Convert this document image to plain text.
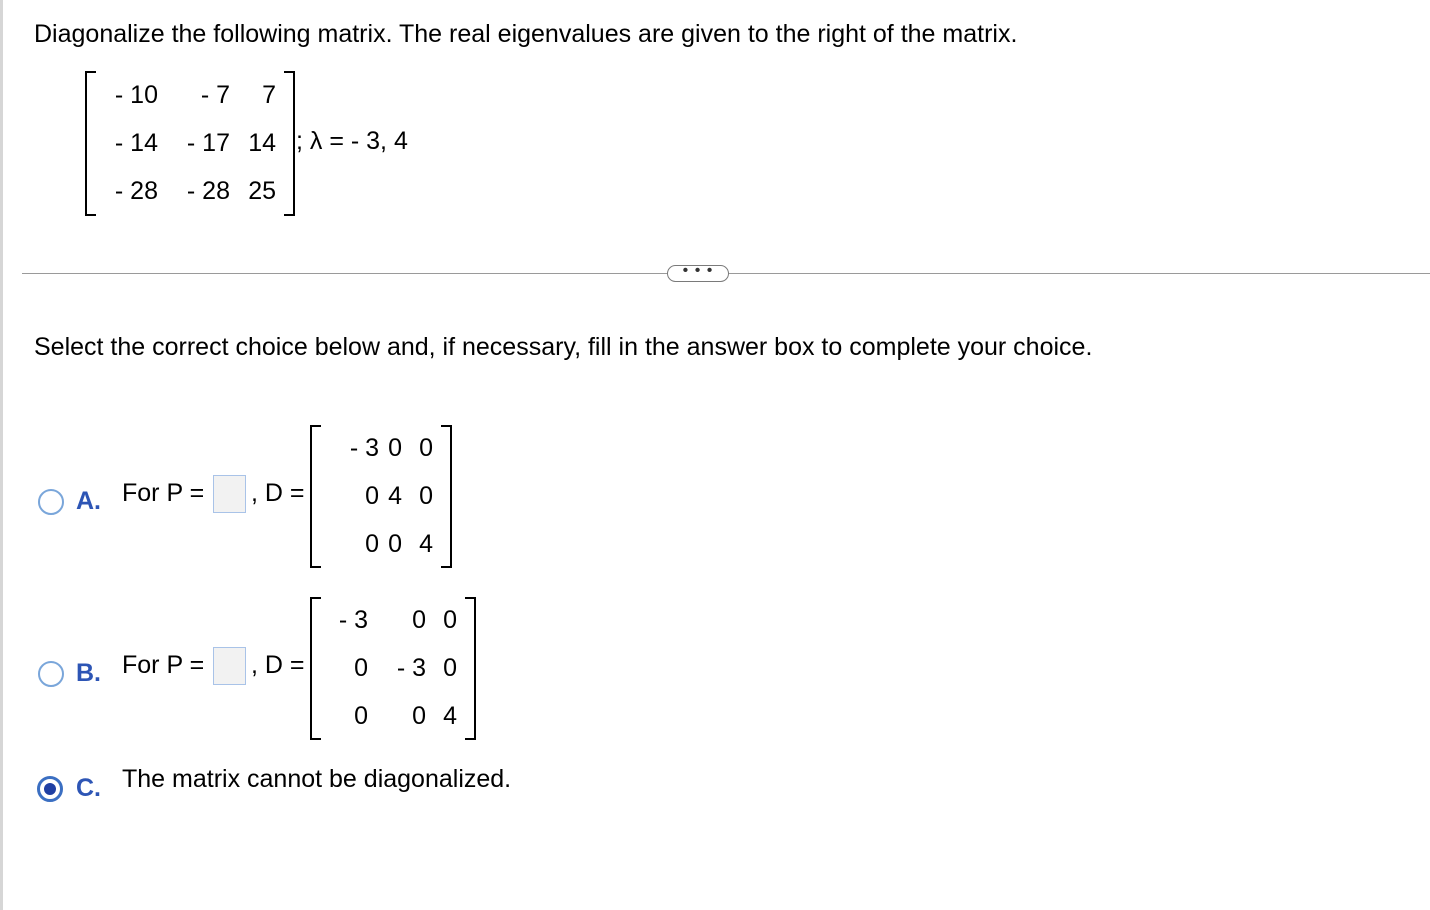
Diagonalize the following matrix. The real eigenvalues are given to the right of the matrix.
- 10 - 7 7
- 14 - 17 14
- 28 - 28 25
; λ = - 3, 4
• • •
Select the correct choice below and, if necessary, fill in the answer box to complete your choice.
A. For P = , D =
- 3 0 0
0 4 0
0 0 4
B. For P = , D =
- 3 0 0
0 - 3 0
0 0 4
C. The matrix cannot be diagonalized.
